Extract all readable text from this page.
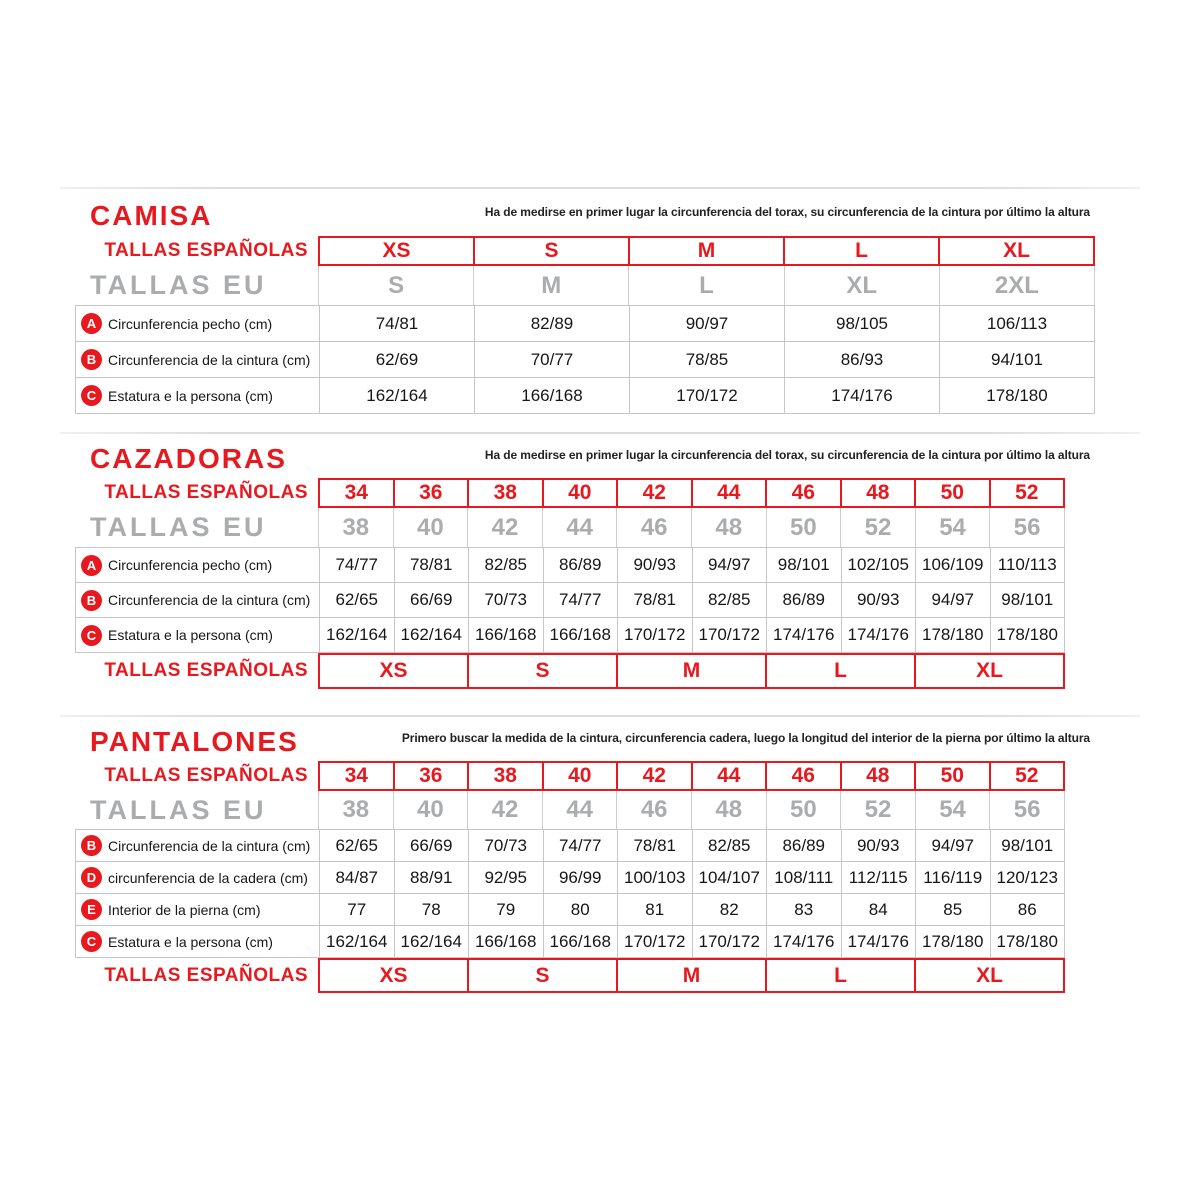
CAMISA	Ha de medirse en primer lugar la circunferencia del torax, su circunferencia de la cintura por último la altura

TALLAS ESPAÑOLAS	XS	S	M	L	XL
TALLAS EU	S	M	L	XL	2XL
A Circunferencia pecho (cm)	74/81	82/89	90/97	98/105	106/113
B Circunferencia de la cintura (cm)	62/69	70/77	78/85	86/93	94/101
C Estatura e la persona (cm)	162/164	166/168	170/172	174/176	178/180
CAZADORAS	Ha de medirse en primer lugar la circunferencia del torax, su circunferencia de la cintura por último la altura

TALLAS ESPAÑOLAS	34	36	38	40	42	44	46	48	50	52
TALLAS EU	38	40	42	44	46	48	50	52	54	56
A Circunferencia pecho (cm)	74/77	78/81	82/85	86/89	90/93	94/97	98/101	102/105 106/109 110/113
B Circunferencia de la cintura (cm)	62/65	66/69	70/73	74/77	78/81	82/85	86/89	90/93	94/97	98/101
C Estatura e la persona (cm)	162/164 162/164 166/168 166/168 170/172 170/172 174/176 174/176 178/180 178/180
TALLAS ESPAÑOLAS	XS	S	M	L	XL
PANTALONES	Primero buscar la medida de la cintura, circunferencia cadera, luego la longitud del interior de la pierna por último la altura

TALLAS ESPAÑOLAS	34	36	38	40	42	44	46	48	50	52
TALLAS EU	38	40	42	44	46	48	50	52	54	56
B Circunferencia de la cintura (cm)	62/65	66/69	70/73	74/77	78/81	82/85	86/89	90/93	94/97	98/101
D circunferencia de la cadera (cm)	84/87	88/91	92/95	96/99	100/103 104/107 108/111 112/115 116/119 120/123
E Interior de la pierna (cm)	77	78	79	80	81	82	83	84	85	86
C Estatura e la persona (cm)	162/164 162/164 166/168 166/168 170/172 170/172 174/176 174/176 178/180 178/180
TALLAS ESPAÑOLAS	XS	S	M	L	XL
